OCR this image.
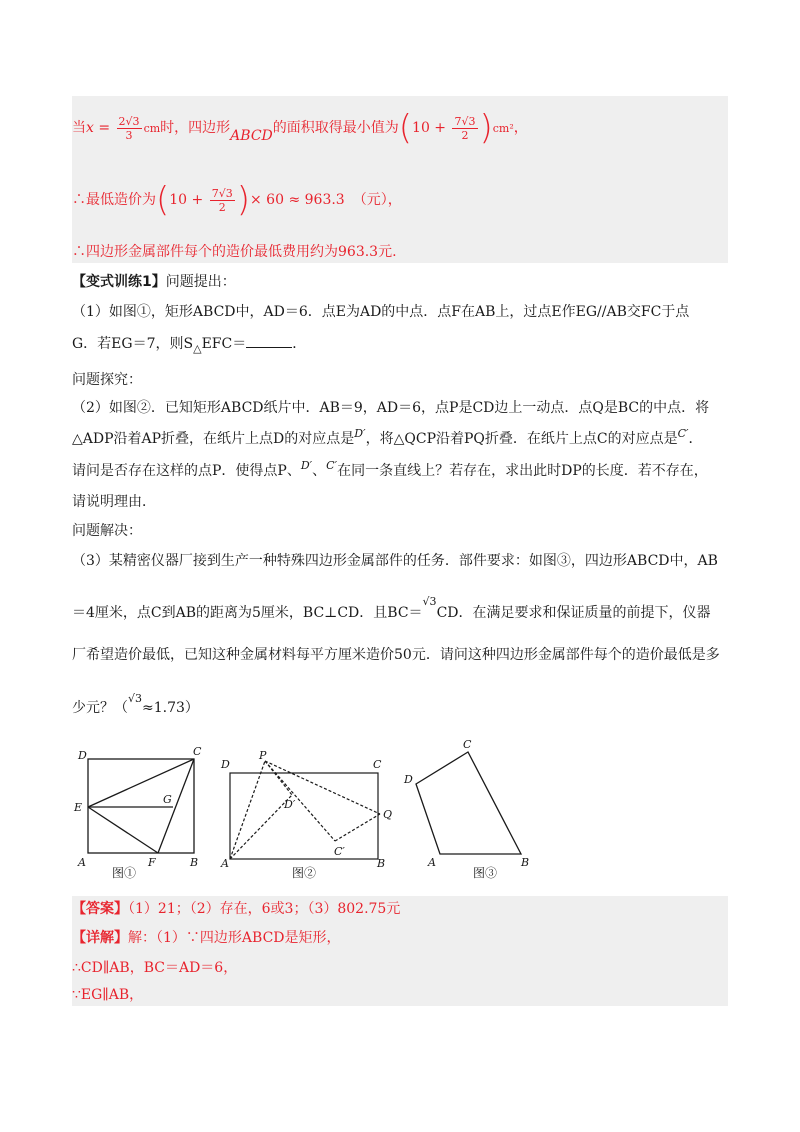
当$x = \frac{2√3}{3}$ cm时，四边形ABCD的面积取得最小值为$(10 + \frac{7√3}{2} )cm^2$，
∴最低造价为($10 + \frac{7√3}{2}$ )× 60 ≈ 963.3 （元），
∴四边形金属部件每个的造价最低费用约为963.3元.
【变式训练1】问题提出：
（1）如图①，矩形ABCD中，AD＝6．点E为AD的中点．点F在AB上，过点E作EG//AB交FC于点
G．若EG＝7，则$S_\triangle EFC=$	．
问题探究：
（2）如图②．已知矩形ABCD纸片中．AB＝9，AD＝6，点P是CD边上一动点．点Q是BC的中点．将
△ADP沿着AP折叠，在纸片上点D的对应点是$^{D'}$，将△QCP沿着PQ折叠．在纸片上点C的对应点是$^{C'}$．
请问是否存在这样的点P．使得点P、$^{D'}$、$^{C'}$在同一条直线上？若存在，求出此时DP的长度．若不存在，
请说明理由．
问题解决：
（3）某精密仪器厂接到生产一种特殊四边形金属部件的任务．部件要求：如图③，四边形ABCD中，AB
＝4厘米，点C到AB的距离为5厘米，BC⊥CD．且BC＝$^{√3}$CD．在满足要求和保证质量的前提下，仪器
厂希望造价最低，已知这种金属材料每平方厘米造价50元．请问这种四边形金属部件每个的造价最低是多
少元？（$^{√3}$≈1.73）
D	C
E
G
A	F	B
图①
D
P
C
D′
Q
C′
A	B
图②
C
D
A	B
图③
【答案】（1）21；（2）存在，6或3；（3）802.75元
【详解】解：（1）∵四边形ABCD是矩形，
∴CD∥AB，BC＝AD＝6，
∵EG∥AB，
